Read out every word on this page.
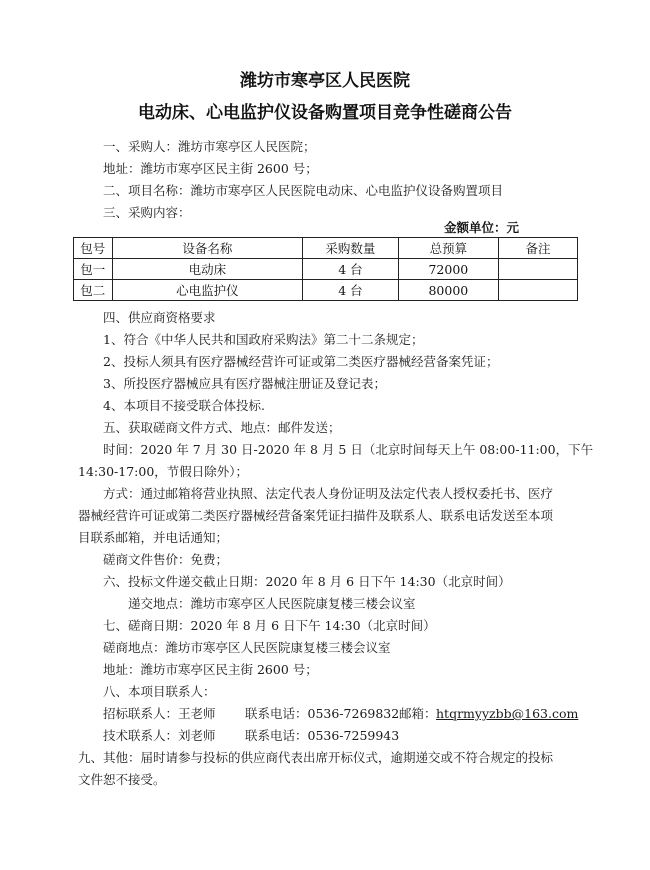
潍坊市寒亭区人民医院
电动床、心电监护仪设备购置项目竞争性磋商公告
一、采购人：潍坊市寒亭区人民医院；
地址：潍坊市寒亭区民主街 2600 号；
二、项目名称：潍坊市寒亭区人民医院电动床、心电监护仪设备购置项目
三、采购内容：
金额单位：元
包号	设备名称	采购数量	总预算	备注
包一	电动床	4 台	72000	
包二	心电监护仪	4 台	80000	
四、供应商资格要求
1、符合《中华人民共和国政府采购法》第二十二条规定；
2、投标人须具有医疗器械经营许可证或第二类医疗器械经营备案凭证；
3、所投医疗器械应具有医疗器械注册证及登记表；
4、本项目不接受联合体投标.
五、获取磋商文件方式、地点：邮件发送；
时间：2020 年 7 月 30 日-2020 年 8 月 5 日（北京时间每天上午 08:00-11:00，下午
14:30-17:00，节假日除外）；
方式：通过邮箱将营业执照、法定代表人身份证明及法定代表人授权委托书、医疗
器械经营许可证或第二类医疗器械经营备案凭证扫描件及联系人、联系电话发送至本项
目联系邮箱，并电话通知；
磋商文件售价：免费；
六、投标文件递交截止日期：2020 年 8 月 6 日下午 14:30（北京时间）
递交地点：潍坊市寒亭区人民医院康复楼三楼会议室
七、磋商日期：2020 年 8 月 6 日下午 14:30（北京时间）
磋商地点：潍坊市寒亭区人民医院康复楼三楼会议室
地址：潍坊市寒亭区民主街 2600 号；
八、本项目联系人：
招标联系人：王老师 联系电话：0536-7269832 邮箱： htqrmyyzbb@163.com
技术联系人：刘老师 联系电话：0536-7259943
九、其他：届时请参与投标的供应商代表出席开标仪式，逾期递交或不符合规定的投标
文件恕不接受。
